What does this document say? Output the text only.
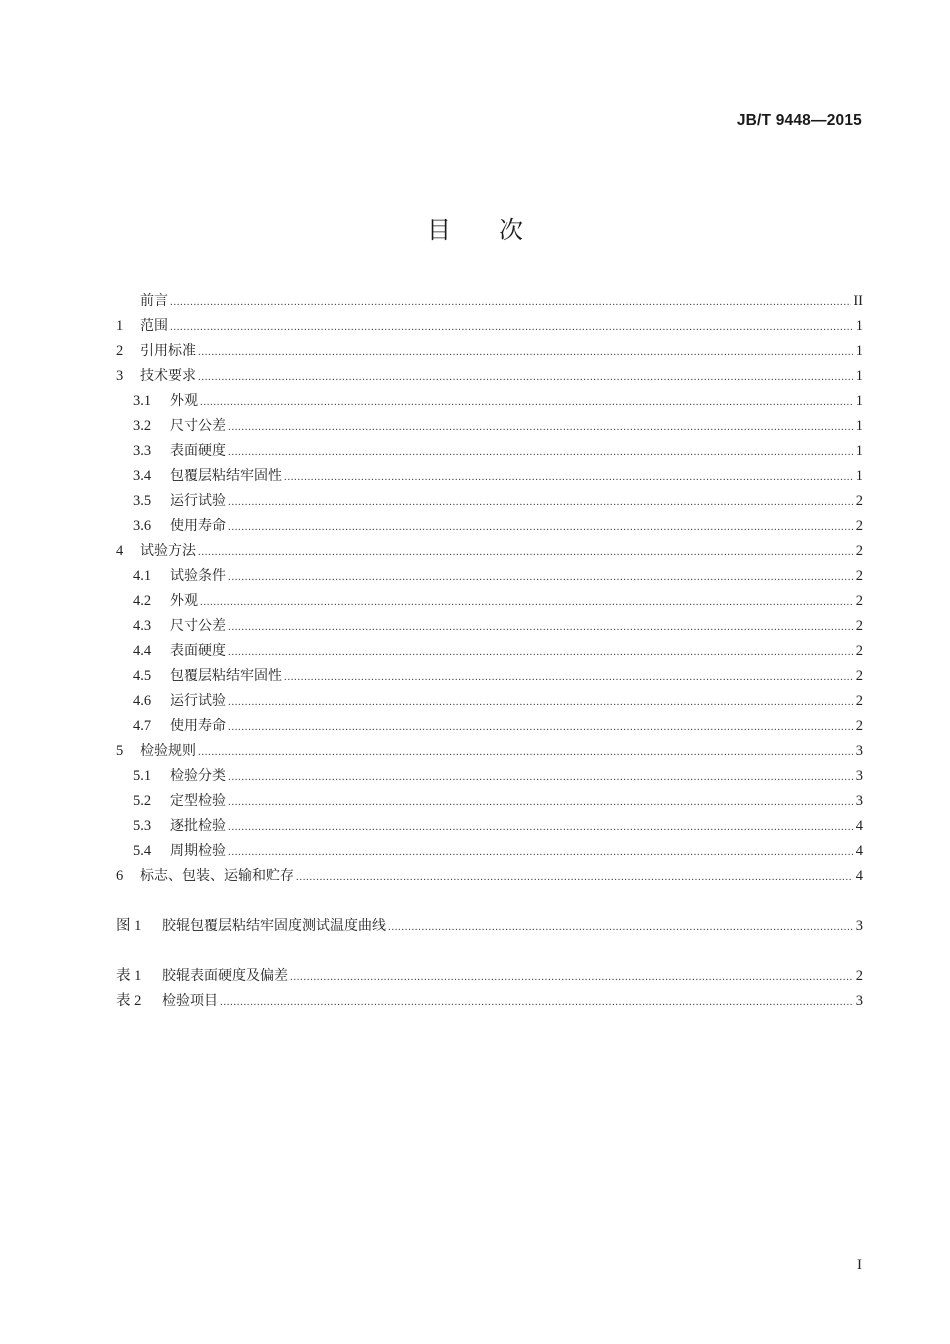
JB/T 9448—2015
目次
前言 .....	II
1	范围 .....	1
2	引用标准 .....	1
3	技术要求 .....	1
3.1	外观 .....	1
3.2	尺寸公差 .....	1
3.3	表面硬度 .....	1
3.4	包覆层粘结牢固性 .....	1
3.5	运行试验 .....	2
3.6	使用寿命 .....	2
4	试验方法 .....	2
4.1	试验条件 .....	2
4.2	外观 .....	2
4.3	尺寸公差 .....	2
4.4	表面硬度 .....	2
4.5	包覆层粘结牢固性 .....	2
4.6	运行试验 .....	2
4.7	使用寿命 .....	2
5	检验规则 .....	3
5.1	检验分类 .....	3
5.2	定型检验 .....	3
5.3	逐批检验 .....	4
5.4	周期检验 .....	4
6	标志、包装、运输和贮存 .....	4
图 1	胶辊包覆层粘结牢固度测试温度曲线 .....	3
表 1	胶辊表面硬度及偏差 .....	2
表 2	检验项目 .....	3
I
